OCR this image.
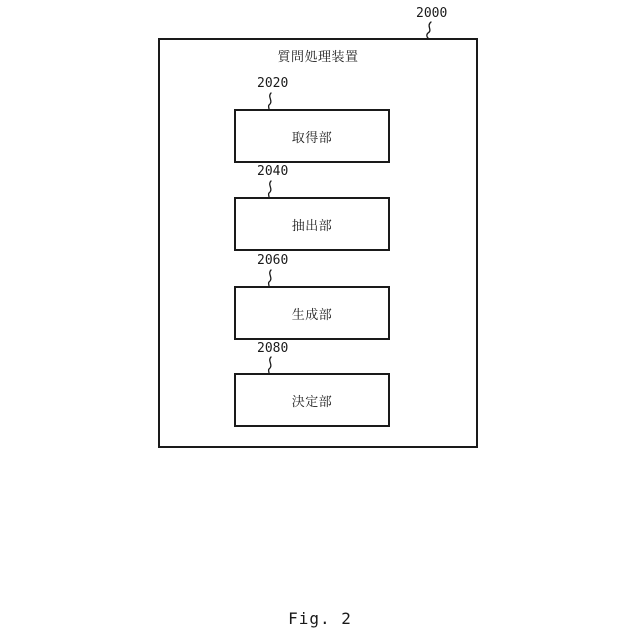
2000
質問処理装置
2020
取得部
2040
抽出部
2060
生成部
2080
決定部
Fig. 2
